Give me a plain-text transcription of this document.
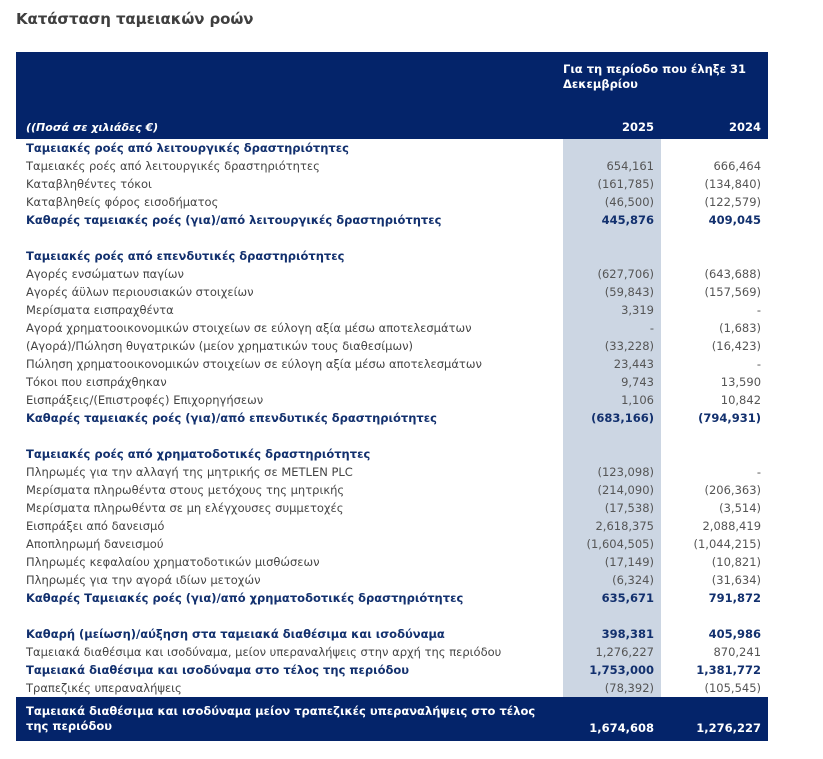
Κατάσταση ταμειακών ροών
	Για τη περίοδο που έληξε 31 Δεκεμβρίου	
((Ποσά σε χιλιάδες €)	2025	2024
Ταμειακές ροές από λειτουργικές δραστηριότητες		
Ταμειακές ροές από λειτουργικές δραστηριότητες	654,161	666,464
Καταβληθέντες τόκοι	(161,785)	(134,840)
Καταβληθείς φόρος εισοδήματος	(46,500)	(122,579)
Καθαρές ταμειακές ροές (για)/από λειτουργικές δραστηριότητες	445,876	409,045

Ταμειακές ροές από επενδυτικές δραστηριότητες		
Αγορές ενσώματων παγίων	(627,706)	(643,688)
Αγορές άϋλων περιουσιακών στοιχείων	(59,843)	(157,569)
Μερίσματα εισπραχθέντα	3,319	-
Αγορά χρηματοοικονομικών στοιχείων σε εύλογη αξία μέσω αποτελεσμάτων	-	(1,683)
(Αγορά)/Πώληση θυγατρικών (μείον χρηματικών τους διαθεσίμων)	(33,228)	(16,423)
Πώληση χρηματοοικονομικών στοιχείων σε εύλογη αξία μέσω αποτελεσμάτων	23,443	-
Τόκοι που εισπράχθηκαν	9,743	13,590
Εισπράξεις/(Επιστροφές) Επιχορηγήσεων	1,106	10,842
Καθαρές ταμειακές ροές (για)/από επενδυτικές δραστηριότητες	(683,166)	(794,931)

Ταμειακές ροές από χρηματοδοτικές δραστηριότητες		
Πληρωμές για την αλλαγή της μητρικής σε METLEN PLC	(123,098)	-
Μερίσματα πληρωθέντα στους μετόχους της μητρικής	(214,090)	(206,363)
Μερίσματα πληρωθέντα σε μη ελέγχουσες συμμετοχές	(17,538)	(3,514)
Εισπράξει από δανεισμό	2,618,375	2,088,419
Αποπληρωμή δανεισμού	(1,604,505)	(1,044,215)
Πληρωμές κεφαλαίου χρηματοδοτικών μισθώσεων	(17,149)	(10,821)
Πληρωμές για την αγορά ιδίων μετοχών	(6,324)	(31,634)
Καθαρές Ταμειακές ροές (για)/από χρηματοδοτικές δραστηριότητες	635,671	791,872

Καθαρή (μείωση)/αύξηση στα ταμειακά διαθέσιμα και ισοδύναμα	398,381	405,986
Ταμειακά διαθέσιμα και ισοδύναμα, μείον υπεραναλήψεις στην αρχή της περιόδου	1,276,227	870,241
Ταμειακά διαθέσιμα και ισοδύναμα στο τέλος της περιόδου	1,753,000	1,381,772
Τραπεζικές υπεραναλήψεις	(78,392)	(105,545)
Ταμειακά διαθέσιμα και ισοδύναμα μείον τραπεζικές υπεραναλήψεις στο τέλος της περιόδου	1,674,608	1,276,227
